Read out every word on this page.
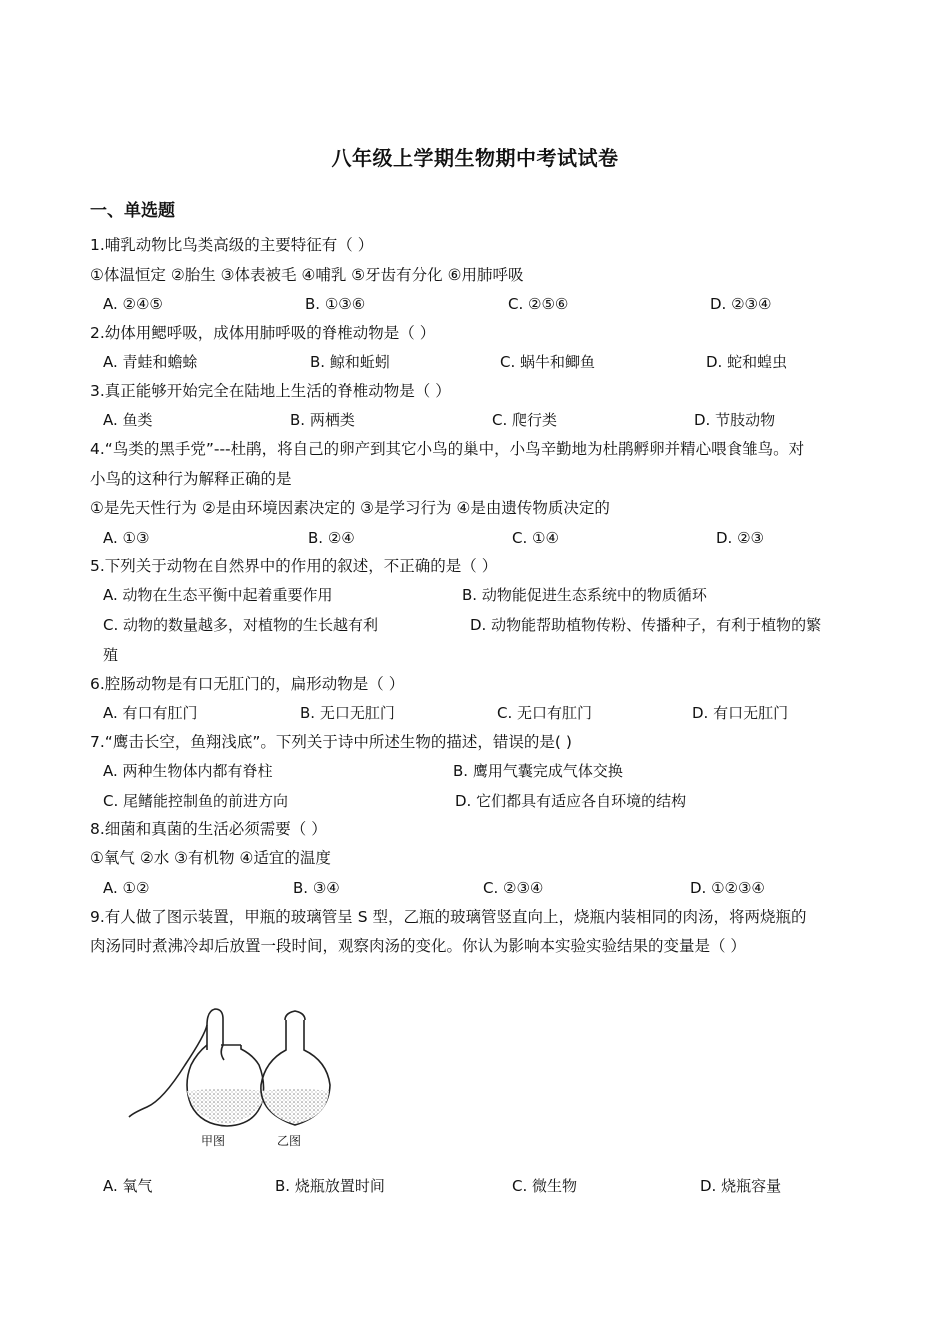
八年级上学期生物期中考试试卷
一、单选题
1.哺乳动物比鸟类高级的主要特征有（ ）
①体温恒定 ②胎生 ③体表被毛 ④哺乳 ⑤牙齿有分化 ⑥用肺呼吸
A. ②④⑤	B. ①③⑥	C. ②⑤⑥	D. ②③④
2.幼体用鳃呼吸，成体用肺呼吸的脊椎动物是（ ）
A. 青蛙和蟾蜍	B. 鲸和蚯蚓	C. 蜗牛和鲫鱼	D. 蛇和蝗虫
3.真正能够开始完全在陆地上生活的脊椎动物是（ ）
A. 鱼类	B. 两栖类	C. 爬行类	D. 节肢动物
4.“鸟类的黑手党”---杜鹃，将自己的卵产到其它小鸟的巢中，小鸟辛勤地为杜鹃孵卵并精心喂食雏鸟。对
小鸟的这种行为解释正确的是
①是先天性行为 ②是由环境因素决定的 ③是学习行为 ④是由遗传物质决定的
A. ①③	B. ②④	C. ①④	D. ②③
5.下列关于动物在自然界中的作用的叙述，不正确的是（ ）
A. 动物在生态平衡中起着重要作用	B. 动物能促进生态系统中的物质循环
C. 动物的数量越多，对植物的生长越有利	D. 动物能帮助植物传粉、传播种子，有利于植物的繁
殖
6.腔肠动物是有口无肛门的，扁形动物是（ ）
A. 有口有肛门	B. 无口无肛门	C. 无口有肛门	D. 有口无肛门
7.“鹰击长空，鱼翔浅底”。下列关于诗中所述生物的描述，错误的是( )
A. 两种生物体内都有脊柱	B. 鹰用气囊完成气体交换
C. 尾鳍能控制鱼的前进方向	D. 它们都具有适应各自环境的结构
8.细菌和真菌的生活必须需要（ ）
①氧气 ②水 ③有机物 ④适宜的温度
A. ①②	B. ③④	C. ②③④	D. ①②③④
9.有人做了图示装置，甲瓶的玻璃管呈 S 型，乙瓶的玻璃管竖直向上，烧瓶内装相同的肉汤，将两烧瓶的
肉汤同时煮沸冷却后放置一段时间，观察肉汤的变化。你认为影响本实验实验结果的变量是（ ）
甲图	乙图
A. 氧气	B. 烧瓶放置时间	C. 微生物	D. 烧瓶容量
